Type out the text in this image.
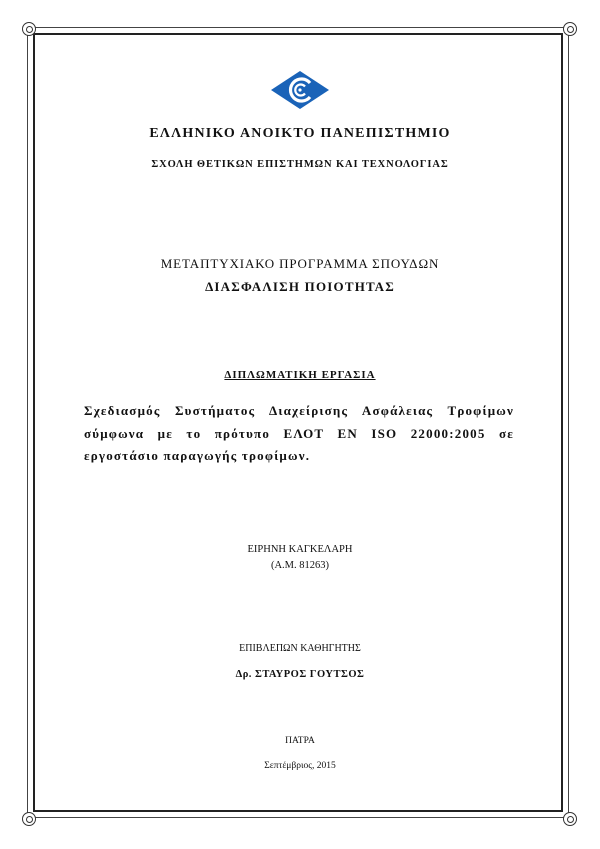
ΕΛΛΗΝΙΚΟ ΑΝΟΙΚΤΟ ΠΑΝΕΠΙΣΤΗΜΙΟ
ΣΧΟΛΗ ΘΕΤΙΚΩΝ ΕΠΙΣΤΗΜΩΝ ΚΑΙ ΤΕΧΝΟΛΟΓΙΑΣ
ΜΕΤΑΠΤΥΧΙΑΚΟ ΠΡΟΓΡΑΜΜΑ ΣΠΟΥΔΩΝ
ΔΙΑΣΦΑΛΙΣΗ ΠΟΙΟΤΗΤΑΣ
ΔΙΠΛΩΜΑΤΙΚΗ ΕΡΓΑΣΙΑ
Σχεδιασμός Συστήματος Διαχείρισης Ασφάλειας Τροφίμων
σύμφωνα με το πρότυπο ΕΛΟΤ ΕΝ ISO 22000:2005 σε
εργοστάσιο παραγωγής τροφίμων.
ΕΙΡΗΝΗ ΚΑΓΚΕΛΑΡΗ
(Α.Μ. 81263)
ΕΠΙΒΛΕΠΩΝ ΚΑΘΗΓΗΤΗΣ
Δρ. ΣΤΑΥΡΟΣ ΓΟΥΤΣΟΣ
ΠΑΤΡΑ
Σεπτέμβριος, 2015
